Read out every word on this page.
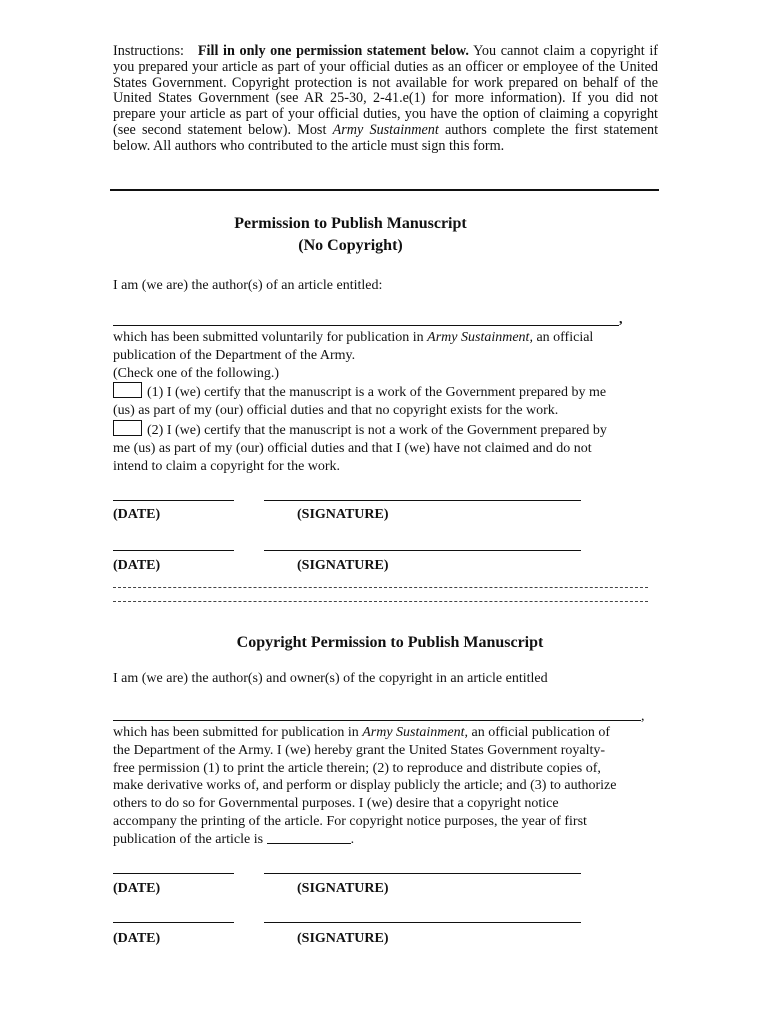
Instructions: Fill in only one permission statement below. You cannot claim a copyright if you prepared your article as part of your official duties as an officer or employee of the United States Government. Copyright protection is not available for work prepared on behalf of the United States Government (see AR 25-30, 2-41.e(1) for more information). If you did not prepare your article as part of your official duties, you have the option of claiming a copyright (see second statement below). Most Army Sustainment authors complete the first statement below. All authors who contributed to the article must sign this form.

Permission to Publish Manuscript
(No Copyright)

I am (we are) the author(s) of an article entitled:

,

which has been submitted voluntarily for publication in Army Sustainment, an official
publication of the Department of the Army.
(Check one of the following.)
(1) I (we) certify that the manuscript is a work of the Government prepared by me
(us) as part of my (our) official duties and that no copyright exists for the work.
(2) I (we) certify that the manuscript is not a work of the Government prepared by
me (us) as part of my (our) official duties and that I (we) have not claimed and do not
intend to claim a copyright for the work.

(DATE)	(SIGNATURE)
(DATE)	(SIGNATURE)

Copyright Permission to Publish Manuscript

I am (we are) the author(s) and owner(s) of the copyright in an article entitled

,

which has been submitted for publication in Army Sustainment, an official publication of
the Department of the Army. I (we) hereby grant the United States Government royalty-
free permission (1) to print the article therein; (2) to reproduce and distribute copies of,
make derivative works of, and perform or display publicly the article; and (3) to authorize
others to do so for Governmental purposes. I (we) desire that a copyright notice
accompany the printing of the article. For copyright notice purposes, the year of first
publication of the article is	.

(DATE)	(SIGNATURE)
(DATE)	(SIGNATURE)
